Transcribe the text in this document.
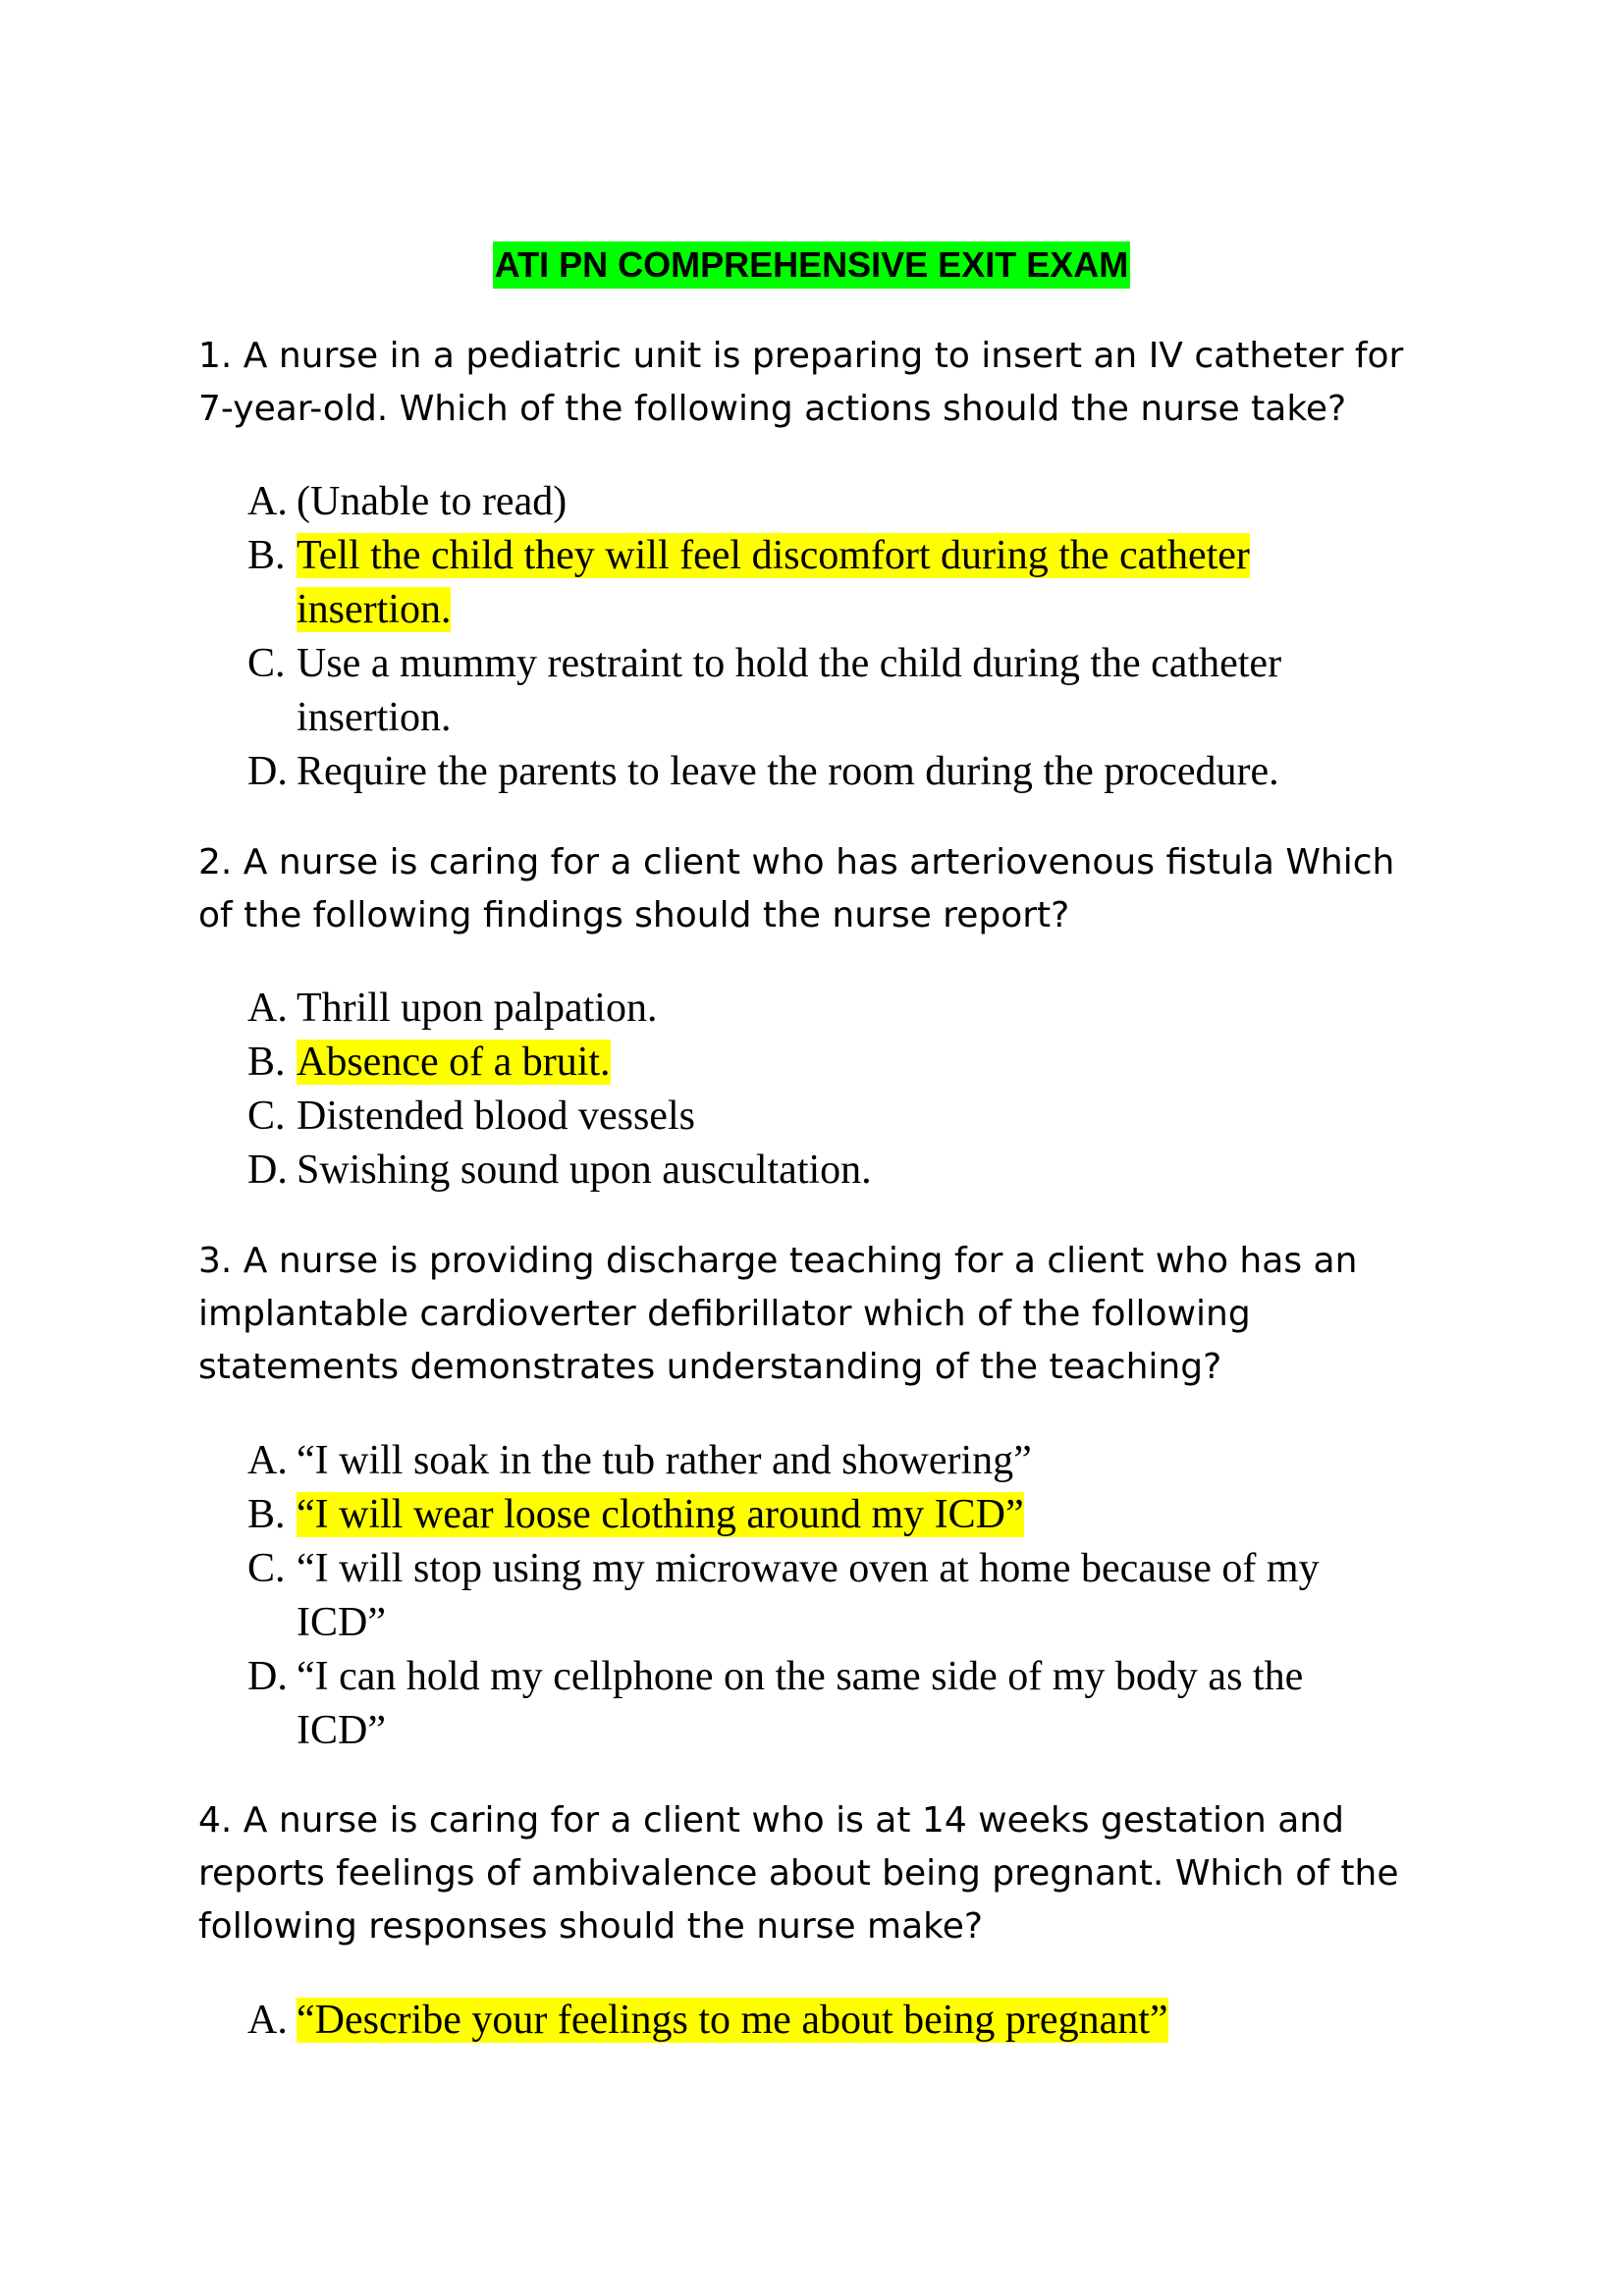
ATI PN COMPREHENSIVE EXIT EXAM

1. A nurse in a pediatric unit is preparing to insert an IV catheter for 7-year-old. Which of the following actions should the nurse take?

A. (Unable to read)
B. Tell the child they will feel discomfort during the catheter insertion.
C. Use a mummy restraint to hold the child during the catheter insertion.
D. Require the parents to leave the room during the procedure.

2. A nurse is caring for a client who has arteriovenous fistula Which of the following findings should the nurse report?

A. Thrill upon palpation.
B. Absence of a bruit.
C. Distended blood vessels
D. Swishing sound upon auscultation.

3. A nurse is providing discharge teaching for a client who has an implantable cardioverter defibrillator which of the following statements demonstrates understanding of the teaching?

A. “I will soak in the tub rather and showering”
B. “I will wear loose clothing around my ICD”
C. “I will stop using my microwave oven at home because of my ICD”
D. “I can hold my cellphone on the same side of my body as the ICD”

4. A nurse is caring for a client who is at 14 weeks gestation and reports feelings of ambivalence about being pregnant. Which of the following responses should the nurse make?

A. “Describe your feelings to me about being pregnant”
